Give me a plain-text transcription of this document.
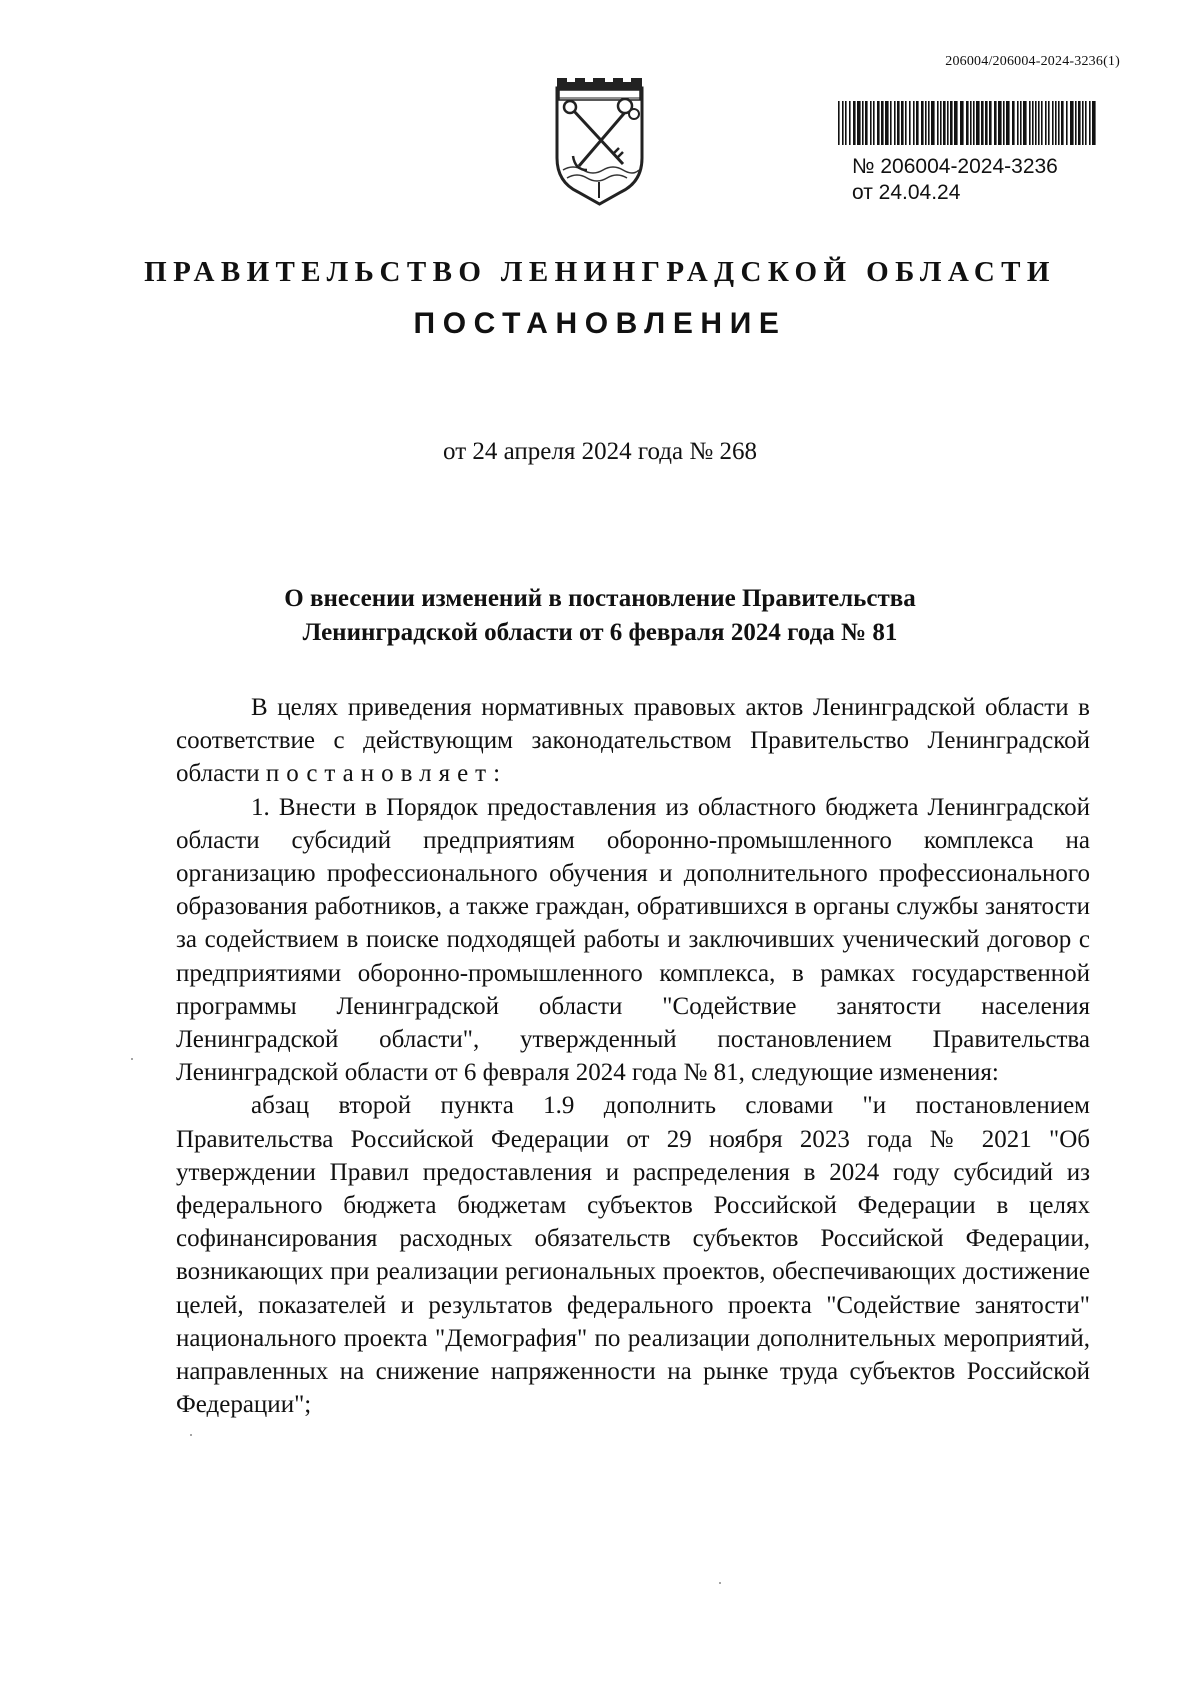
206004/206004-2024-3236(1)
№ 206004-2024-3236
от 24.04.24
ПРАВИТЕЛЬСТВО ЛЕНИНГРАДСКОЙ ОБЛАСТИ
ПОСТАНОВЛЕНИЕ
от 24 апреля 2024 года № 268
О внесении изменений в постановление Правительства
Ленинградской области от 6 февраля 2024 года № 81

В целях приведения нормативных правовых актов Ленинградской области в соответствие с действующим законодательством Правительство Ленинградской области постановляет:

1. Внести в Порядок предоставления из областного бюджета Ленинградской области субсидий предприятиям оборонно-промышленного комплекса на организацию профессионального обучения и дополнительного профессионального образования работников, а также граждан, обратившихся в органы службы занятости за содействием в поиске подходящей работы и заключивших ученический договор с предприятиями оборонно-промышленного комплекса, в рамках государственной программы Ленинградской области "Содействие занятости населения Ленинградской области", утвержденный постановлением Правительства Ленинградской области от 6 февраля 2024 года № 81, следующие изменения:

абзац второй пункта 1.9 дополнить словами "и постановлением Правительства Российской Федерации от 29 ноября 2023 года № 2021 "Об утверждении Правил предоставления и распределения в 2024 году субсидий из федерального бюджета бюджетам субъектов Российской Федерации в целях софинансирования расходных обязательств субъектов Российской Федерации, возникающих при реализации региональных проектов, обеспечивающих достижение целей, показателей и результатов федерального проекта "Содействие занятости" национального проекта "Демография" по реализации дополнительных мероприятий, направленных на снижение напряженности на рынке труда субъектов Российской Федерации";
